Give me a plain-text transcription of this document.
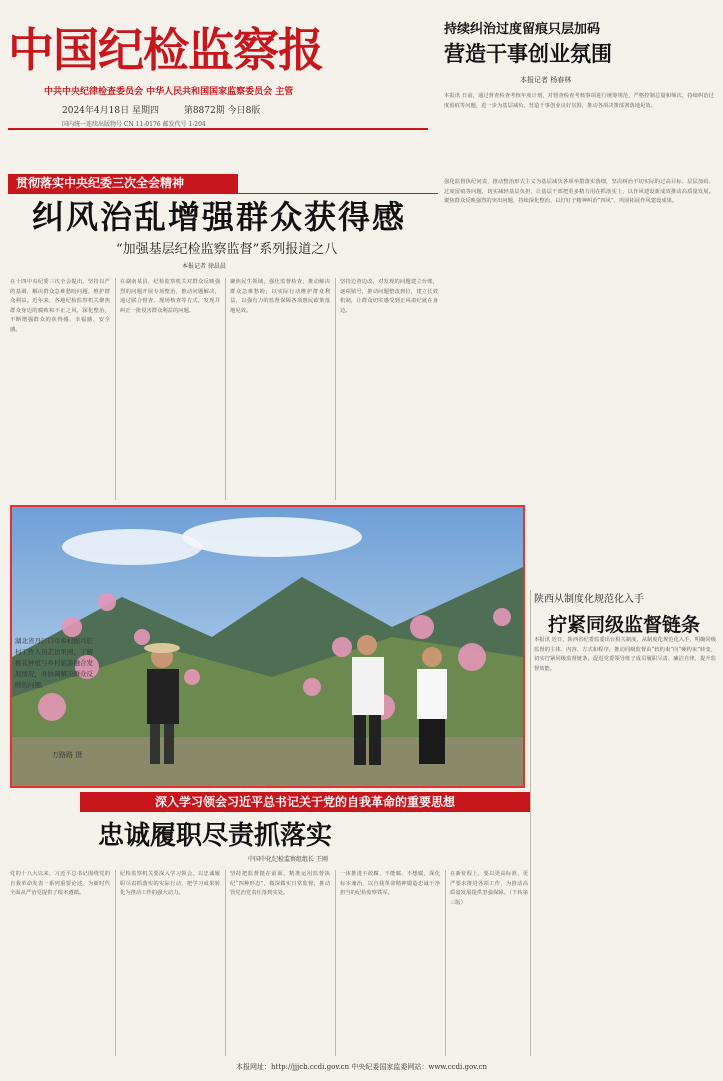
中国纪检监察报
中共中央纪律检查委员会 中华人民共和国国家监察委员会 主管
2024年4月18日 星期四	第8872期 今日8版
国内统一连续出版物号 CN 11-0176 邮发代号 1-204
持续纠治过度留痕只层加码
营造干事创业氛围
本报记者 杨春林
本报讯 日前，通过督查检查考核年度计划，对督查检查考核事项进行统筹规范，严格控制总量和频次，持续纠治过度留痕等问题，进一步为基层减负，营造干事创业良好氛围，推动各项决策部署落地见效。
强化监督执纪问责，推动整治形式主义为基层减负各项举措落实落细，坚决纠治不切实际的过高目标、层层加码、过度留痕等问题，切实减轻基层负担，让基层干部把更多精力用在抓落实上，以作风建设新成效推动高质量发展。聚焦群众反映强烈的突出问题，持续深化整治，以钉钉子精神纠治“四风”，巩固拓展作风建设成果。
贯彻落实中央纪委三次全会精神
纠风治乱增强群众获得感
“加强基层纪检监察监督”系列报道之八
本报记者 徐晨晨
在十四中央纪委三次全会提出，坚持以严的基调，解决群众急难愁盼问题，维护群众利益。近年来，各地纪检监察机关聚焦群众身边的腐败和不正之风，深化整治，不断增强群众的获得感、幸福感、安全感。
在湖南某县，纪检监察机关对群众反映强烈的问题开展专项整治，推动问题解决，通过联合督查、现场核查等方式，发现并纠正一批侵害群众利益的问题。
聚焦民生领域，强化监督检查，推动解决群众急难愁盼，以实际行动维护群众利益，以强有力的监督保障各项惠民政策落地见效。
坚持边查边改，对发现的问题建立台账，逐项销号，推动问题整改到位，建立长效机制，让群众切实感受到正风肃纪就在身边。
湖北省丹江口市乡村振兴驻村工作人员走访果园，了解桃花种植与乡村旅游融合发展情况，并协调解决群众反映的问题。
万路路 摄
陕西从制度化规范化入手
拧紧同级监督链条
本报讯 近日，陕西省纪委监委出台相关制度，从制度化规范化入手，明确同级监督的主体、内容、方式和程序，推动同级监督由“软约束”向“硬约束”转变，切实拧紧同级监督链条，促进党委领导班子成员履职尽责、廉洁自律，提升监督效能。
深入学习领会习近平总书记关于党的自我革命的重要思想
忠诚履职尽责抓落实
中国中化纪检监察组组长 王刚
党的十八大以来，习近平总书记围绕党的自我革命发表一系列重要论述，为新时代全面从严治党提供了根本遵循。
纪检监察机关要深入学习领会，以忠诚履职尽责抓落实的实际行动，把学习成果转化为推动工作的强大动力。
坚持把监督挺在前面，精准运用监督执纪“四种形态”，做深做实日常监督，推动管党治党责任落到实处。
一体推进不敢腐、不能腐、不想腐，深化标本兼治，以自我革命精神锻造忠诚干净担当的纪检监察铁军。
在新征程上，要以更高标准、更严要求推进各项工作，为推动高质量发展提供坚强保障。（下转第三版）
本报网址：http://jjjcb.ccdi.gov.cn 中央纪委国家监委网站：www.ccdi.gov.cn
